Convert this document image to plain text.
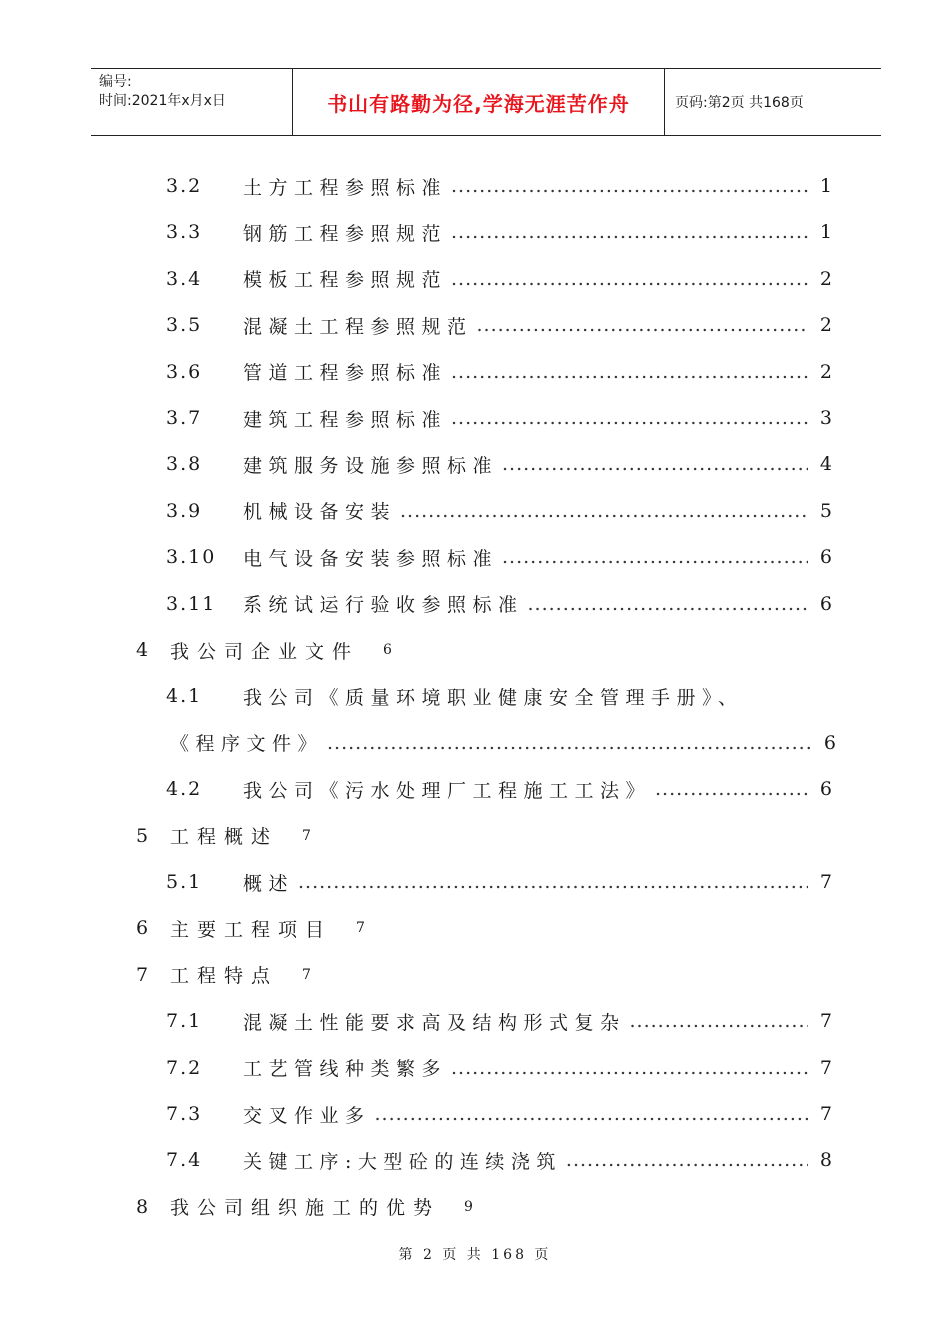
编号:
时间:2021年x月x日	书山有路勤为径,学海无涯苦作舟	页码:第2页 共168页
3.2	土方工程参照标准 .....	1
3.3	钢筋工程参照规范 .....	1
3.4	模板工程参照规范 .....	2
3.5	混凝土工程参照规范 .....	2
3.6	管道工程参照标准 .....	2
3.7	建筑工程参照标准 .....	3
3.8	建筑服务设施参照标准 .....	4
3.9	机械设备安装 .....	5
3.10	电气设备安装参照标准 .....	6
3.11	系统试运行验收参照标准 .....	6
4	我公司企业文件 6
4.1	我公司《质量环境职业健康安全管理手册》、
《程序文件》 .....	6
4.2	我公司《污水处理厂工程施工工法》 .....	6
5	工程概述 7
5.1	概述 .....	7
6	主要工程项目 7
7	工程特点 7
7.1	混凝土性能要求高及结构形式复杂 .....	7
7.2	工艺管线种类繁多 .....	7
7.3	交叉作业多 .....	7
7.4	关键工序:大型砼的连续浇筑 .....	8
8	我公司组织施工的优势 9
第 2 页 共 168 页
